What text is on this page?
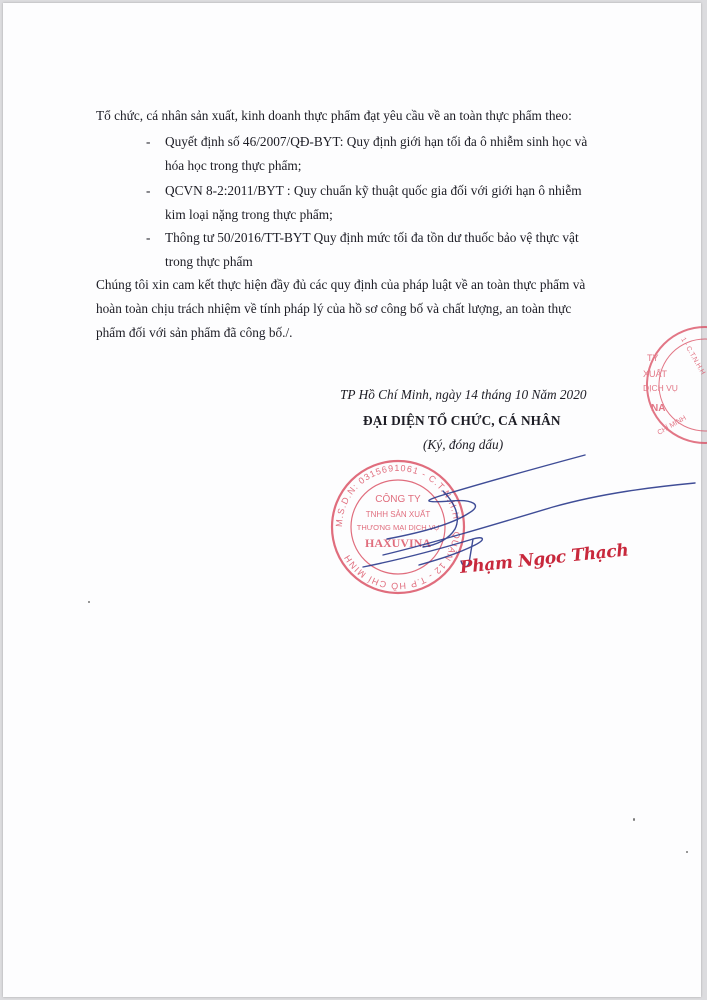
Tổ chức, cá nhân sản xuất, kinh doanh thực phẩm đạt yêu cầu về an toàn thực phẩm theo:
- Quyết định số 46/2007/QĐ-BYT: Quy định giới hạn tối đa ô nhiễm sinh học và
hóa học trong thực phẩm;
- QCVN 8-2:2011/BYT : Quy chuẩn kỹ thuật quốc gia đối với giới hạn ô nhiễm
kim loại nặng trong thực phẩm;
- Thông tư 50/2016/TT-BYT Quy định mức tối đa tồn dư thuốc bảo vệ thực vật
trong thực phẩm
Chúng tôi xin cam kết thực hiện đầy đủ các quy định của pháp luật về an toàn thực phẩm và
hoàn toàn chịu trách nhiệm về tính pháp lý của hồ sơ công bố và chất lượng, an toàn thực
phẩm đối với sản phẩm đã công bố./.
TP Hồ Chí Minh, ngày 14 tháng 10 Năm 2020
ĐẠI DIỆN TỔ CHỨC, CÁ NHÂN
(Ký, đóng dấu)
TY
XUẤT
DỊCH VỤ
NA
1 - C.T.N.H.H
CHÍ MINH
M.S.D.N: 0315691061 - C.T.N.H.H - QUẬN 12 - T.P HỒ CHÍ MINH
CÔNG TY
TNHH SẢN XUẤT
THƯƠNG MẠI DỊCH VỤ
HAXUVINA Phạm Ngọc Thạch
